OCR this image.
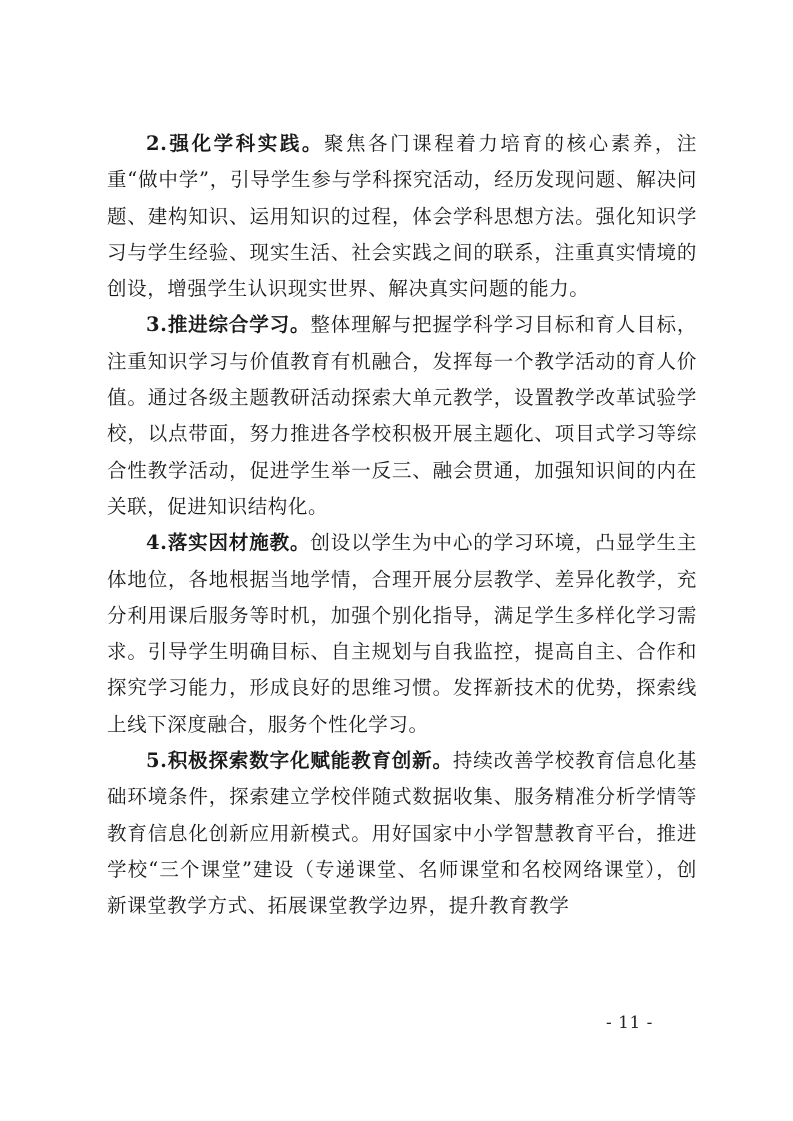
2.强化学科实践。聚焦各门课程着力培育的核心素养，注重“做中学”，引导学生参与学科探究活动，经历发现问题、解决问题、建构知识、运用知识的过程，体会学科思想方法。强化知识学习与学生经验、现实生活、社会实践之间的联系，注重真实情境的创设，增强学生认识现实世界、解决真实问题的能力。

3.推进综合学习。整体理解与把握学科学习目标和育人目标，注重知识学习与价值教育有机融合，发挥每一个教学活动的育人价值。通过各级主题教研活动探索大单元教学，设置教学改革试验学校，以点带面，努力推进各学校积极开展主题化、项目式学习等综合性教学活动，促进学生举一反三、融会贯通，加强知识间的内在关联，促进知识结构化。

4.落实因材施教。创设以学生为中心的学习环境，凸显学生主体地位，各地根据当地学情，合理开展分层教学、差异化教学，充分利用课后服务等时机，加强个别化指导，满足学生多样化学习需求。引导学生明确目标、自主规划与自我监控，提高自主、合作和探究学习能力，形成良好的思维习惯。发挥新技术的优势，探索线上线下深度融合，服务个性化学习。

5.积极探索数字化赋能教育创新。持续改善学校教育信息化基础环境条件，探索建立学校伴随式数据收集、服务精准分析学情等教育信息化创新应用新模式。用好国家中小学智慧教育平台，推进学校“三个课堂”建设（专递课堂、名师课堂和名校网络课堂），创新课堂教学方式、拓展课堂教学边界，提升教育教学

- 11 -
